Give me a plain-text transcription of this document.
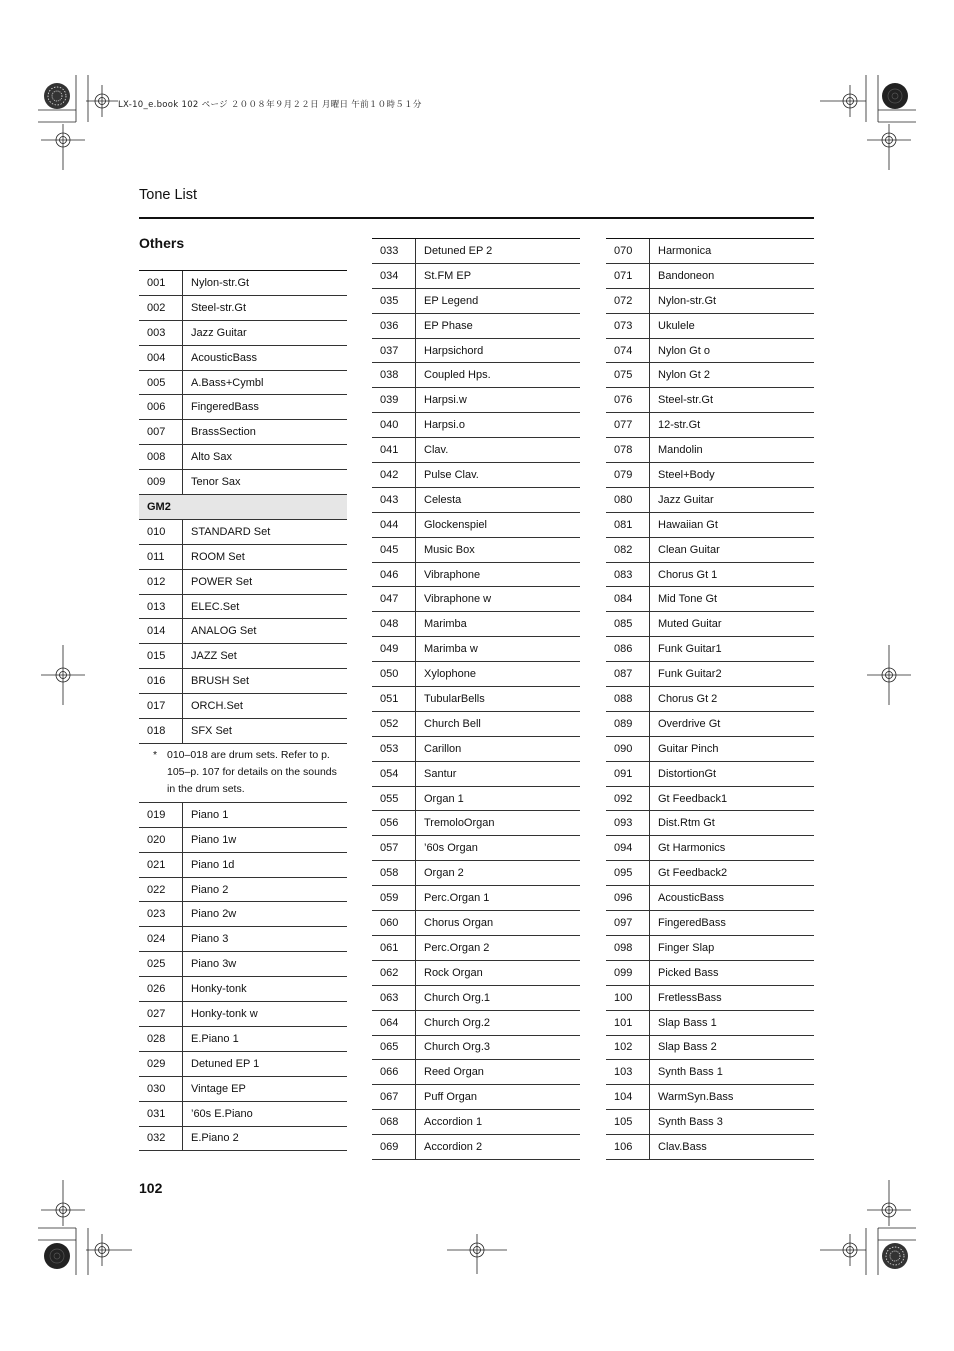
LX-10_e.book 102 ページ ２００８年９月２２日 月曜日 午前１０時５１分
Tone List
Others
001	Nylon-str.Gt
002	Steel-str.Gt
003	Jazz Guitar
004	AcousticBass
005	A.Bass+Cymbl
006	FingeredBass
007	BrassSection
008	Alto Sax
009	Tenor Sax
GM2
010	STANDARD Set
011	ROOM Set
012	POWER Set
013	ELEC.Set
014	ANALOG Set
015	JAZZ Set
016	BRUSH Set
017	ORCH.Set
018	SFX Set
* 010–018 are drum sets. Refer to p. 105–p. 107 for details on the sounds in the drum sets.
019	Piano 1
020	Piano 1w
021	Piano 1d
022	Piano 2
023	Piano 2w
024	Piano 3
025	Piano 3w
026	Honky-tonk
027	Honky-tonk w
028	E.Piano 1
029	Detuned EP 1
030	Vintage EP
031	’60s E.Piano
032	E.Piano 2
033	Detuned EP 2
034	St.FM EP
035	EP Legend
036	EP Phase
037	Harpsichord
038	Coupled Hps.
039	Harpsi.w
040	Harpsi.o
041	Clav.
042	Pulse Clav.
043	Celesta
044	Glockenspiel
045	Music Box
046	Vibraphone
047	Vibraphone w
048	Marimba
049	Marimba w
050	Xylophone
051	TubularBells
052	Church Bell
053	Carillon
054	Santur
055	Organ 1
056	TremoloOrgan
057	’60s Organ
058	Organ 2
059	Perc.Organ 1
060	Chorus Organ
061	Perc.Organ 2
062	Rock Organ
063	Church Org.1
064	Church Org.2
065	Church Org.3
066	Reed Organ
067	Puff Organ
068	Accordion 1
069	Accordion 2
070	Harmonica
071	Bandoneon
072	Nylon-str.Gt
073	Ukulele
074	Nylon Gt o
075	Nylon Gt 2
076	Steel-str.Gt
077	12-str.Gt
078	Mandolin
079	Steel+Body
080	Jazz Guitar
081	Hawaiian Gt
082	Clean Guitar
083	Chorus Gt 1
084	Mid Tone Gt
085	Muted Guitar
086	Funk Guitar1
087	Funk Guitar2
088	Chorus Gt 2
089	Overdrive Gt
090	Guitar Pinch
091	DistortionGt
092	Gt Feedback1
093	Dist.Rtm Gt
094	Gt Harmonics
095	Gt Feedback2
096	AcousticBass
097	FingeredBass
098	Finger Slap
099	Picked Bass
100	FretlessBass
101	Slap Bass 1
102	Slap Bass 2
103	Synth Bass 1
104	WarmSyn.Bass
105	Synth Bass 3
106	Clav.Bass
102
